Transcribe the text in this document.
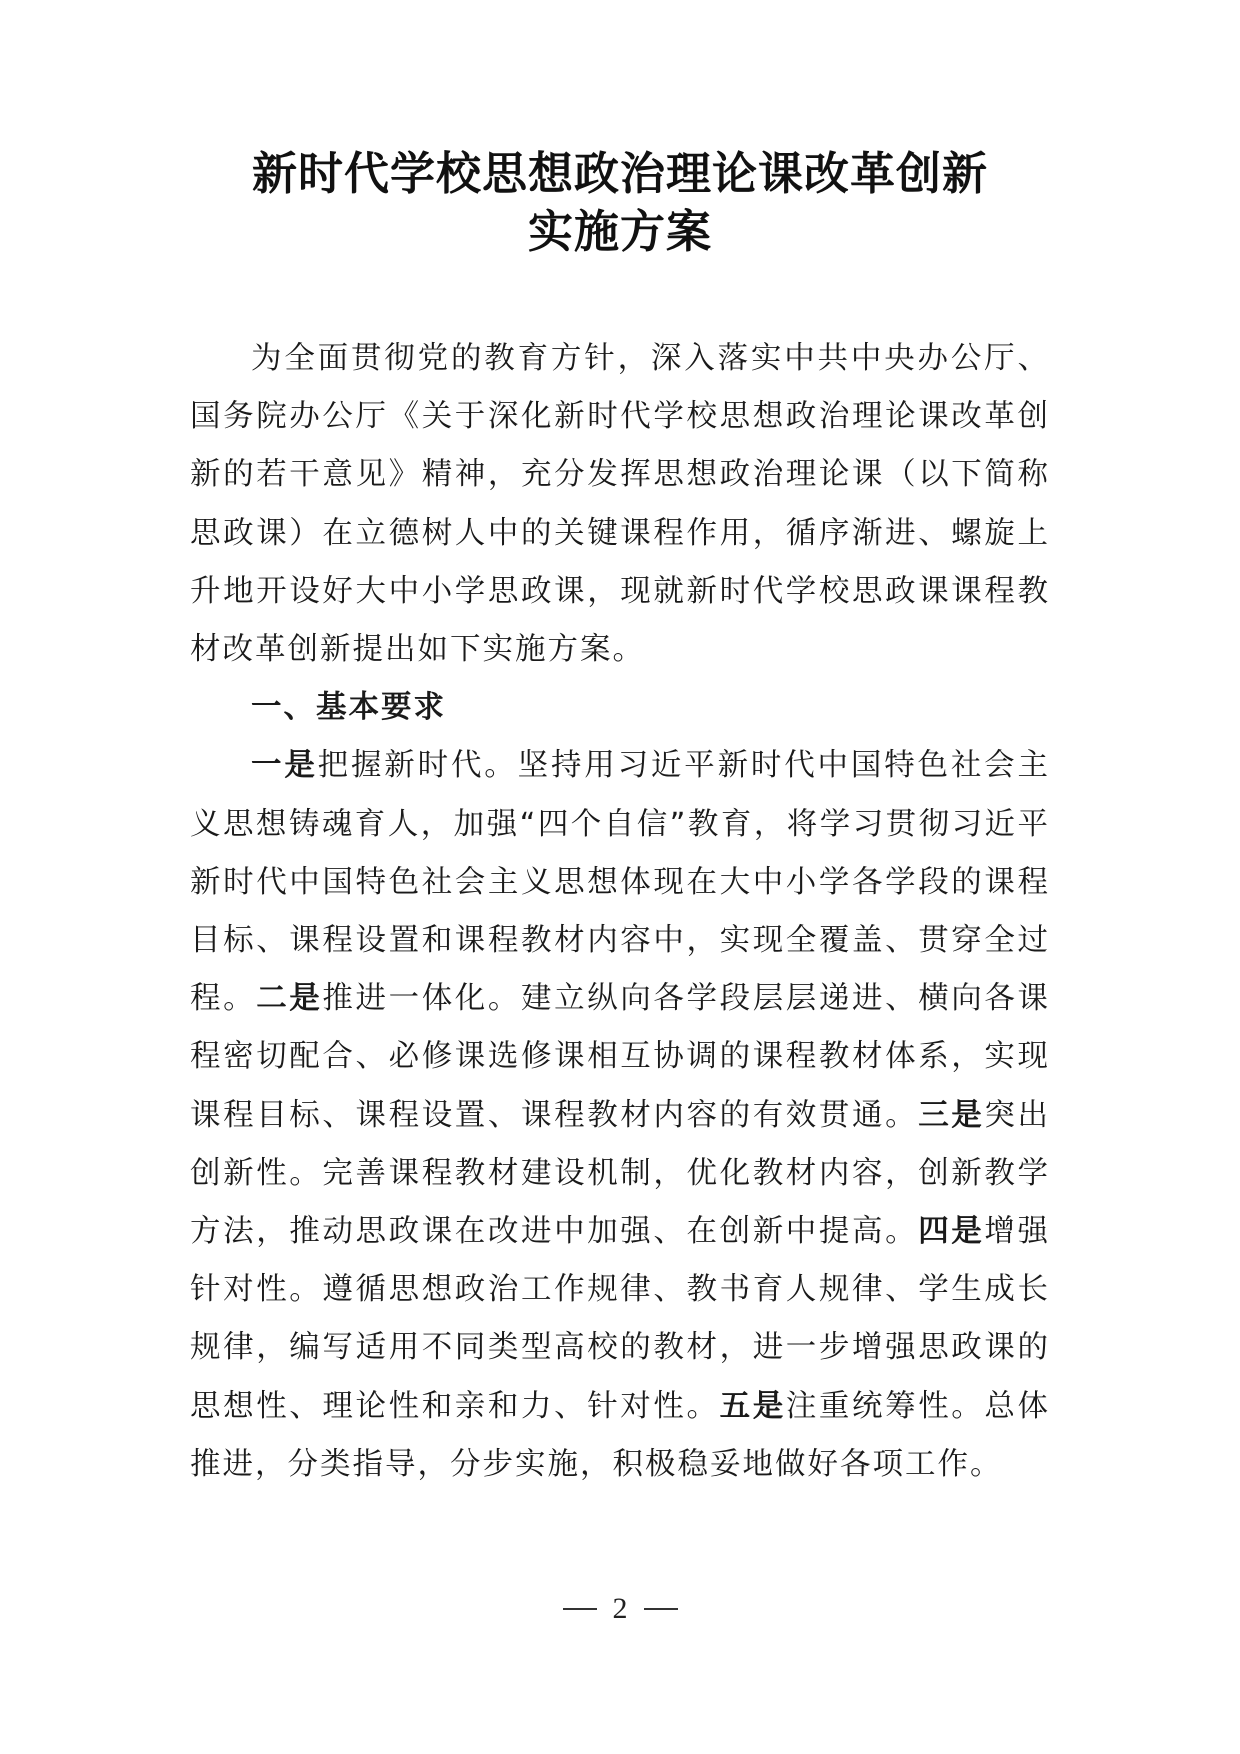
新时代学校思想政治理论课改革创新
实施方案

为全面贯彻党的教育方针，深入落实中共中央办公厅、国务院办公厅《关于深化新时代学校思想政治理论课改革创新的若干意见》精神，充分发挥思想政治理论课（以下简称思政课）在立德树人中的关键课程作用，循序渐进、螺旋上升地开设好大中小学思政课，现就新时代学校思政课课程教材改革创新提出如下实施方案。

一、基本要求

一是把握新时代。坚持用习近平新时代中国特色社会主义思想铸魂育人，加强“四个自信”教育，将学习贯彻习近平新时代中国特色社会主义思想体现在大中小学各学段的课程目标、课程设置和课程教材内容中，实现全覆盖、贯穿全过程。二是推进一体化。建立纵向各学段层层递进、横向各课程密切配合、必修课选修课相互协调的课程教材体系，实现课程目标、课程设置、课程教材内容的有效贯通。三是突出创新性。完善课程教材建设机制，优化教材内容，创新教学方法，推动思政课在改进中加强、在创新中提高。四是增强针对性。遵循思想政治工作规律、教书育人规律、学生成长规律，编写适用不同类型高校的教材，进一步增强思政课的思想性、理论性和亲和力、针对性。五是注重统筹性。总体推进，分类指导，分步实施，积极稳妥地做好各项工作。

2
